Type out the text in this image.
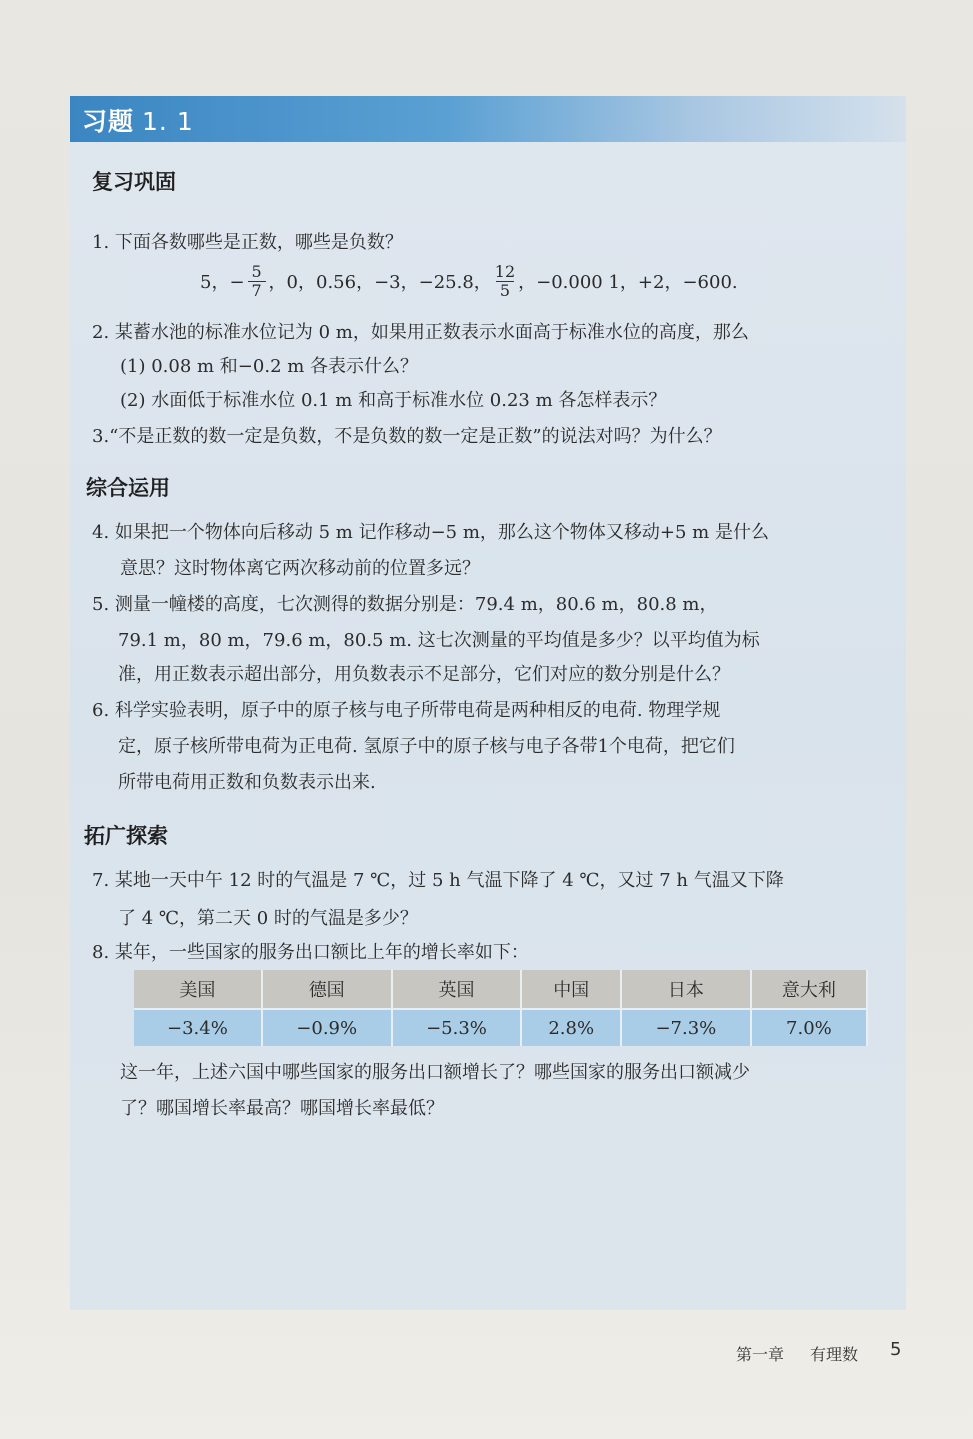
习题 1. 1
复习巩固
1. 下面各数哪些是正数，哪些是负数？
5，− $\frac{5}{7}$ ，0，0.56，−3，−25.8， $\frac{12}{5}$ ，−0.000 1，+2，−600.
2. 某蓄水池的标准水位记为 0 m，如果用正数表示水面高于标准水位的高度，那么
(1) 0.08 m 和−0.2 m 各表示什么？
(2) 水面低于标准水位 0.1 m 和高于标准水位 0.23 m 各怎样表示？
3.“不是正数的数一定是负数，不是负数的数一定是正数”的说法对吗？为什么？
综合运用
4. 如果把一个物体向后移动 5 m 记作移动−5 m，那么这个物体又移动+5 m 是什么
意思？这时物体离它两次移动前的位置多远？
5. 测量一幢楼的高度，七次测得的数据分别是：79.4 m，80.6 m，80.8 m，
79.1 m，80 m，79.6 m，80.5 m. 这七次测量的平均值是多少？以平均值为标
准，用正数表示超出部分，用负数表示不足部分，它们对应的数分别是什么？
6. 科学实验表明，原子中的原子核与电子所带电荷是两种相反的电荷. 物理学规
定，原子核所带电荷为正电荷. 氢原子中的原子核与电子各带1个电荷，把它们
所带电荷用正数和负数表示出来.
拓广探索
7. 某地一天中午 12 时的气温是 7 ℃，过 5 h 气温下降了 4 ℃，又过 7 h 气温又下降
了 4 ℃，第二天 0 时的气温是多少？
8. 某年，一些国家的服务出口额比上年的增长率如下：
美国	德国	英国	中国	日本	意大利
−3.4%	−0.9%	−5.3%	2.8%	−7.3%	7.0%
这一年，上述六国中哪些国家的服务出口额增长了？哪些国家的服务出口额减少
了？哪国增长率最高？哪国增长率最低？
第一章 有理数 5
